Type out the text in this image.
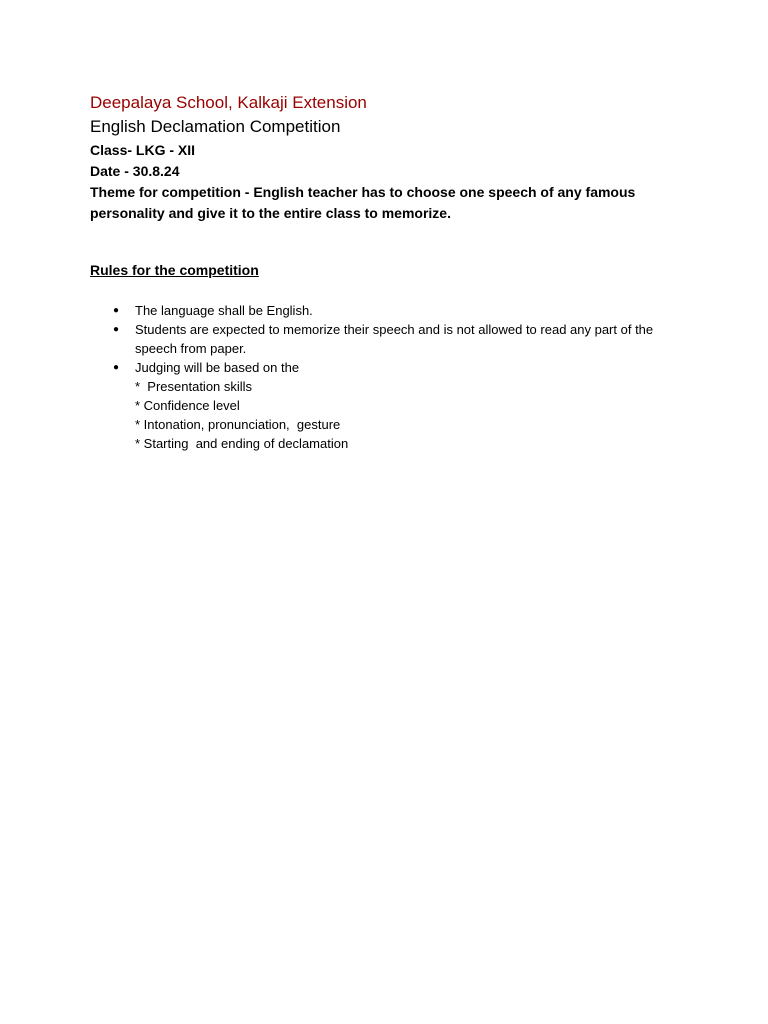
Deepalaya School, Kalkaji Extension

English Declamation Competition

Class- LKG - XII

Date - 30.8.24

Theme for competition - English teacher has to choose one speech of any famous personality and give it to the entire class to memorize.

Rules for the competition

● The language shall be English.
● Students are expected to memorize their speech and is not allowed to read any part of the speech from paper.
● Judging will be based on the
*  Presentation skills
* Confidence level
* Intonation, pronunciation,  gesture
* Starting  and ending of declamation
